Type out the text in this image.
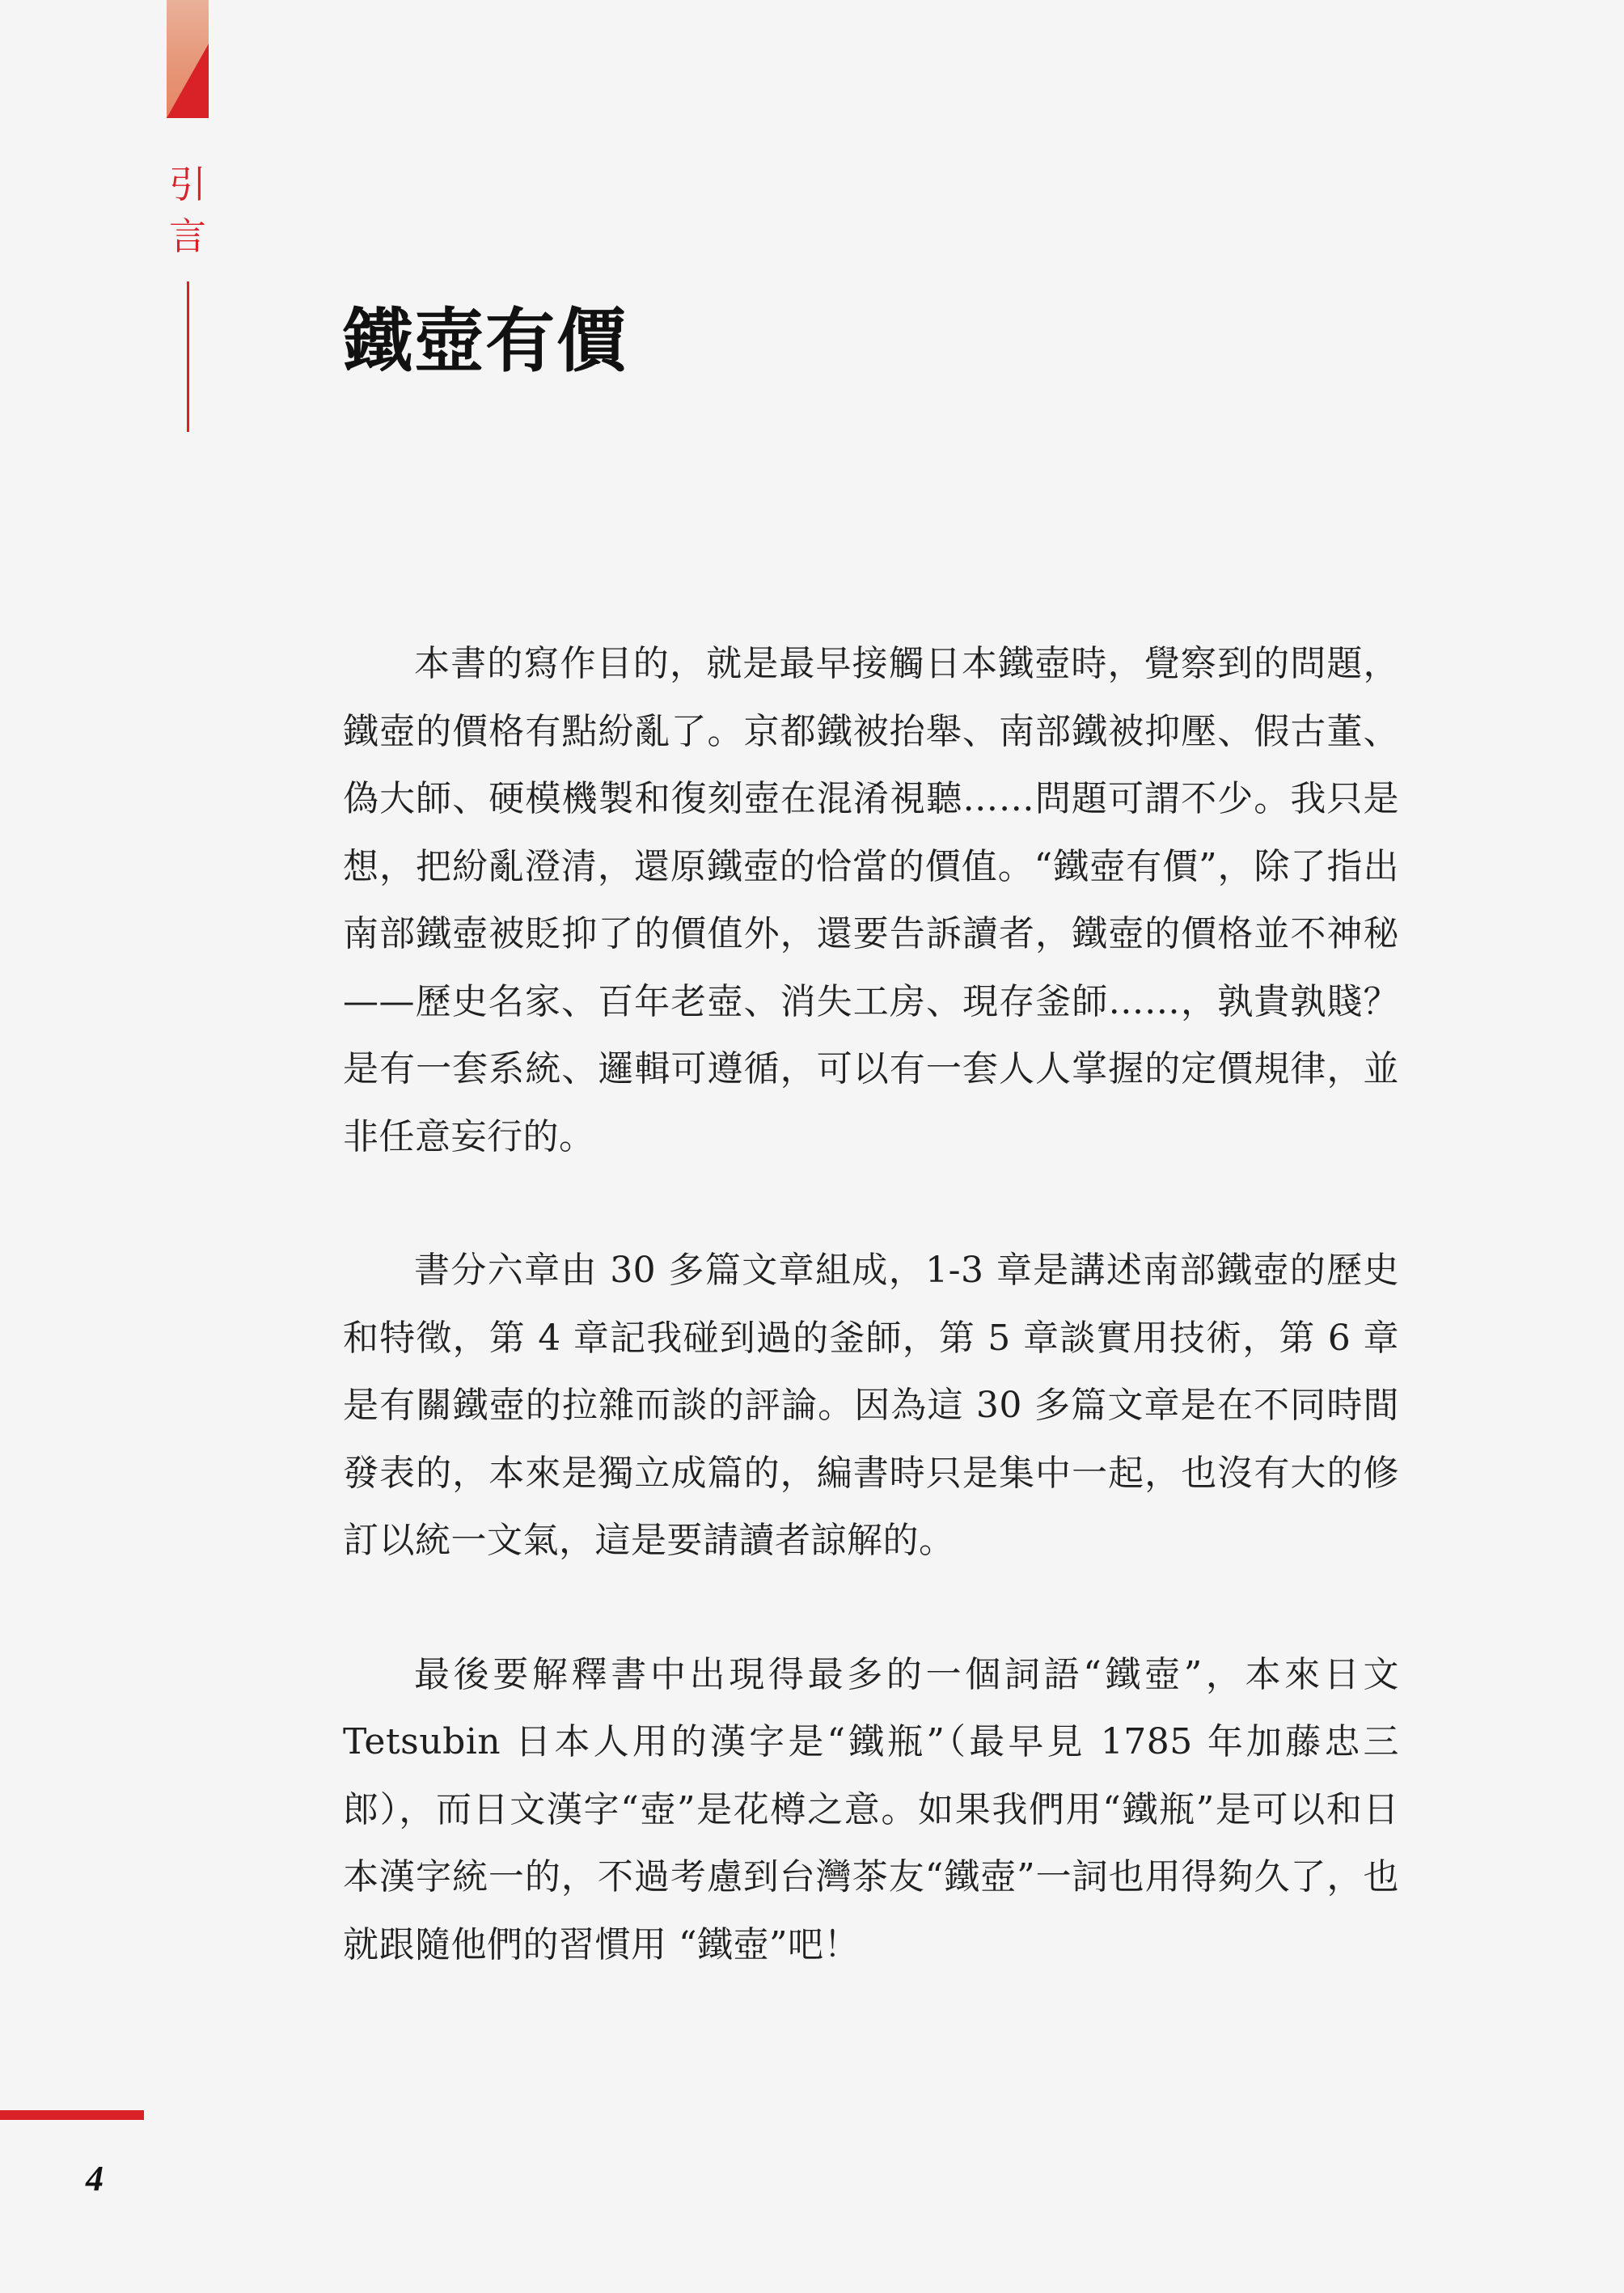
引
言
鐵壺有價

本書的寫作目的，就是最早接觸日本鐵壺時，覺察到的問題，鐵壺的價格有點紛亂了。京都鐵被抬舉、南部鐵被抑壓、假古董、偽大師、硬模機製和復刻壺在混淆視聽……問題可謂不少。我只是想，把紛亂澄清，還原鐵壺的恰當的價值。“鐵壺有價”，除了指出南部鐵壺被貶抑了的價值外，還要告訴讀者，鐵壺的價格並不神秘——歷史名家、百年老壺、消失工房、現存釜師……，孰貴孰賤？是有一套系統、邏輯可遵循，可以有一套人人掌握的定價規律，並非任意妄行的。

書分六章由 30 多篇文章組成，1-3 章是講述南部鐵壺的歷史和特徵，第 4 章記我碰到過的釜師，第 5 章談實用技術，第 6 章是有關鐵壺的拉雜而談的評論。因為這 30 多篇文章是在不同時間發表的，本來是獨立成篇的，編書時只是集中一起，也沒有大的修訂以統一文氣，這是要請讀者諒解的。

最後要解釋書中出現得最多的一個詞語“鐵壺”，本來日文 Tetsubin 日本人用的漢字是“鐵瓶”（最早見 1785 年加藤忠三郎），而日文漢字“壺”是花樽之意。如果我們用“鐵瓶”是可以和日本漢字統一的，不過考慮到台灣茶友“鐵壺”一詞也用得夠久了，也就跟隨他們的習慣用 “鐵壺”吧！

4
